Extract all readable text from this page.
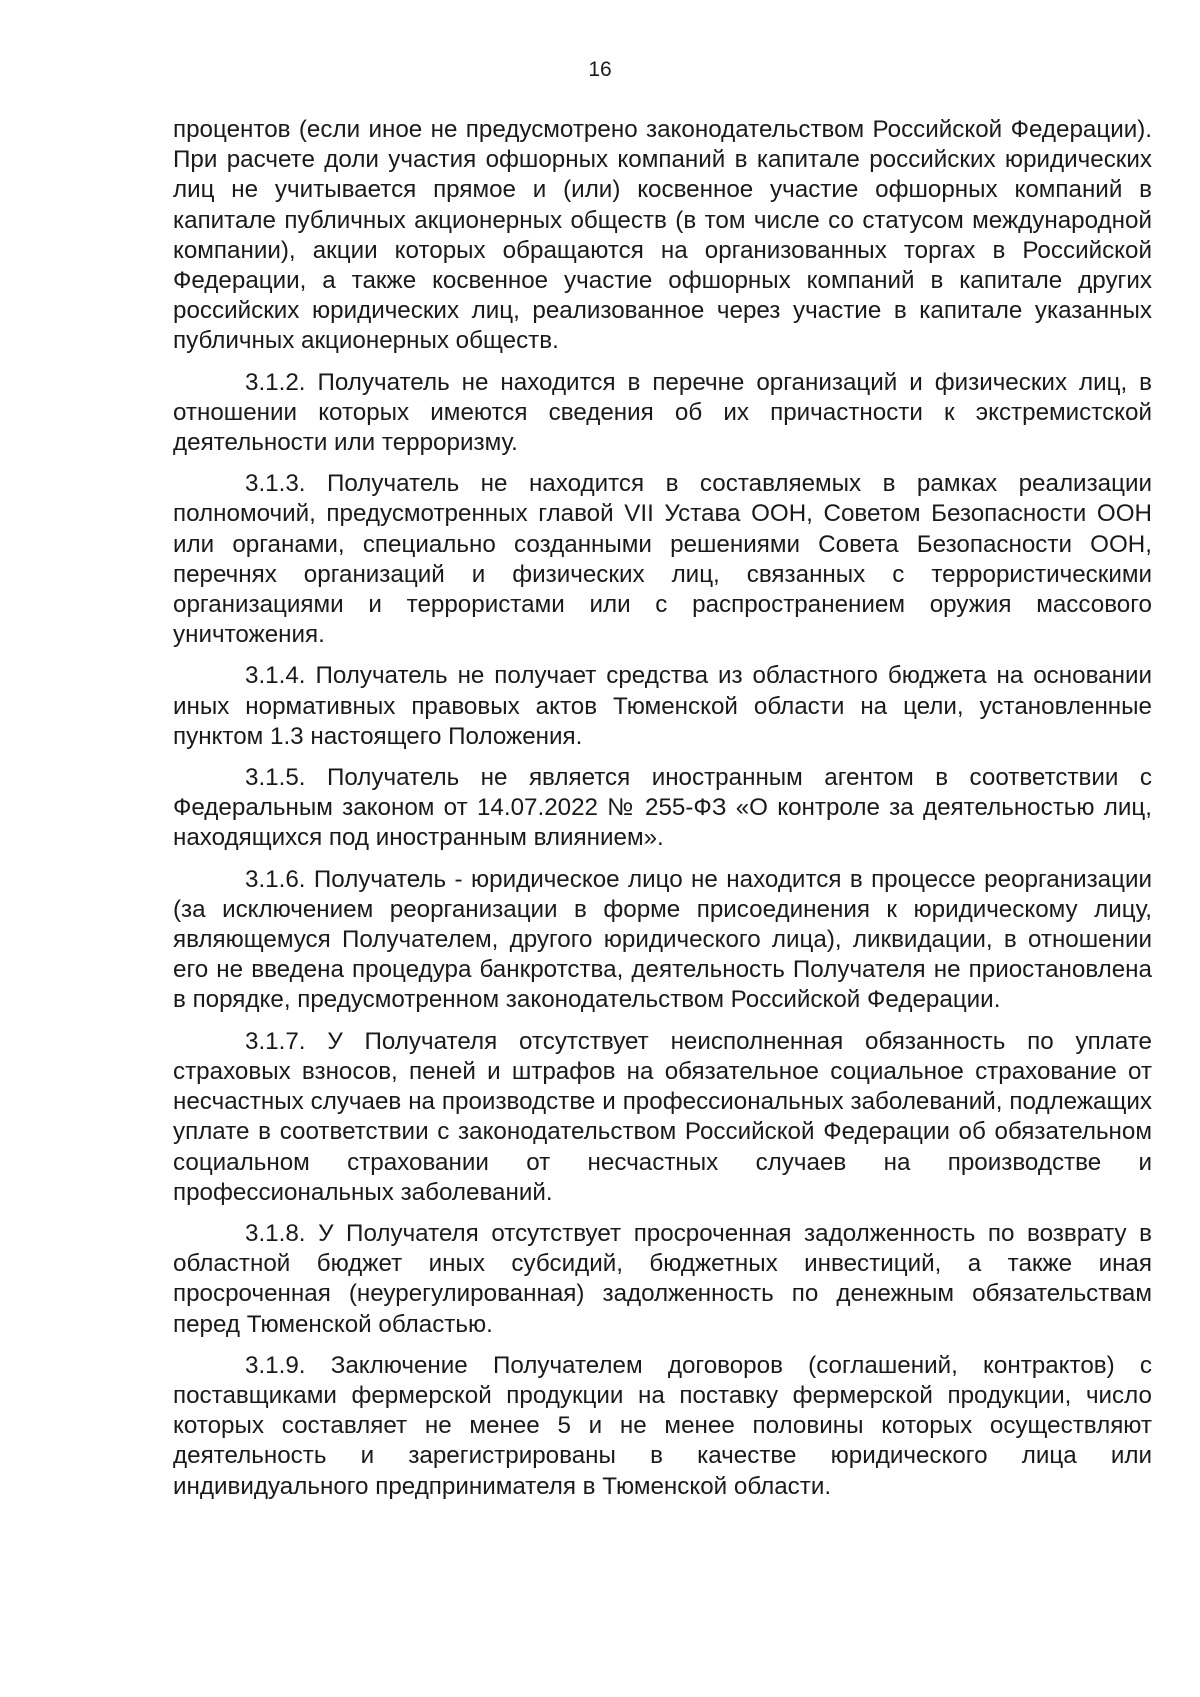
16

процентов (если иное не предусмотрено законодательством Российской Федерации). При расчете доли участия офшорных компаний в капитале российских юридических лиц не учитывается прямое и (или) косвенное участие офшорных компаний в капитале публичных акционерных обществ (в том числе со статусом международной компании), акции которых обращаются на организованных торгах в Российской Федерации, а также косвенное участие офшорных компаний в капитале других российских юридических лиц, реализованное через участие в капитале указанных публичных акционерных обществ.

3.1.2. Получатель не находится в перечне организаций и физических лиц, в отношении которых имеются сведения об их причастности к экстремистской деятельности или терроризму.

3.1.3. Получатель не находится в составляемых в рамках реализации полномочий, предусмотренных главой VII Устава ООН, Советом Безопасности ООН или органами, специально созданными решениями Совета Безопасности ООН, перечнях организаций и физических лиц, связанных с террористическими организациями и террористами или с распространением оружия массового уничтожения.

3.1.4. Получатель не получает средства из областного бюджета на основании иных нормативных правовых актов Тюменской области на цели, установленные пунктом 1.3 настоящего Положения.

3.1.5. Получатель не является иностранным агентом в соответствии с Федеральным законом от 14.07.2022 № 255-ФЗ «О контроле за деятельностью лиц, находящихся под иностранным влиянием».

3.1.6. Получатель - юридическое лицо не находится в процессе реорганизации (за исключением реорганизации в форме присоединения к юридическому лицу, являющемуся Получателем, другого юридического лица), ликвидации, в отношении его не введена процедура банкротства, деятельность Получателя не приостановлена в порядке, предусмотренном законодательством Российской Федерации.

3.1.7. У Получателя отсутствует неисполненная обязанность по уплате страховых взносов, пеней и штрафов на обязательное социальное страхование от несчастных случаев на производстве и профессиональных заболеваний, подлежащих уплате в соответствии с законодательством Российской Федерации об обязательном социальном страховании от несчастных случаев на производстве и профессиональных заболеваний.

3.1.8. У Получателя отсутствует просроченная задолженность по возврату в областной бюджет иных субсидий, бюджетных инвестиций, а также иная просроченная (неурегулированная) задолженность по денежным обязательствам перед Тюменской областью.

3.1.9. Заключение Получателем договоров (соглашений, контрактов) с поставщиками фермерской продукции на поставку фермерской продукции, число которых составляет не менее 5 и не менее половины которых осуществляют деятельность и зарегистрированы в качестве юридического лица или индивидуального предпринимателя в Тюменской области.
